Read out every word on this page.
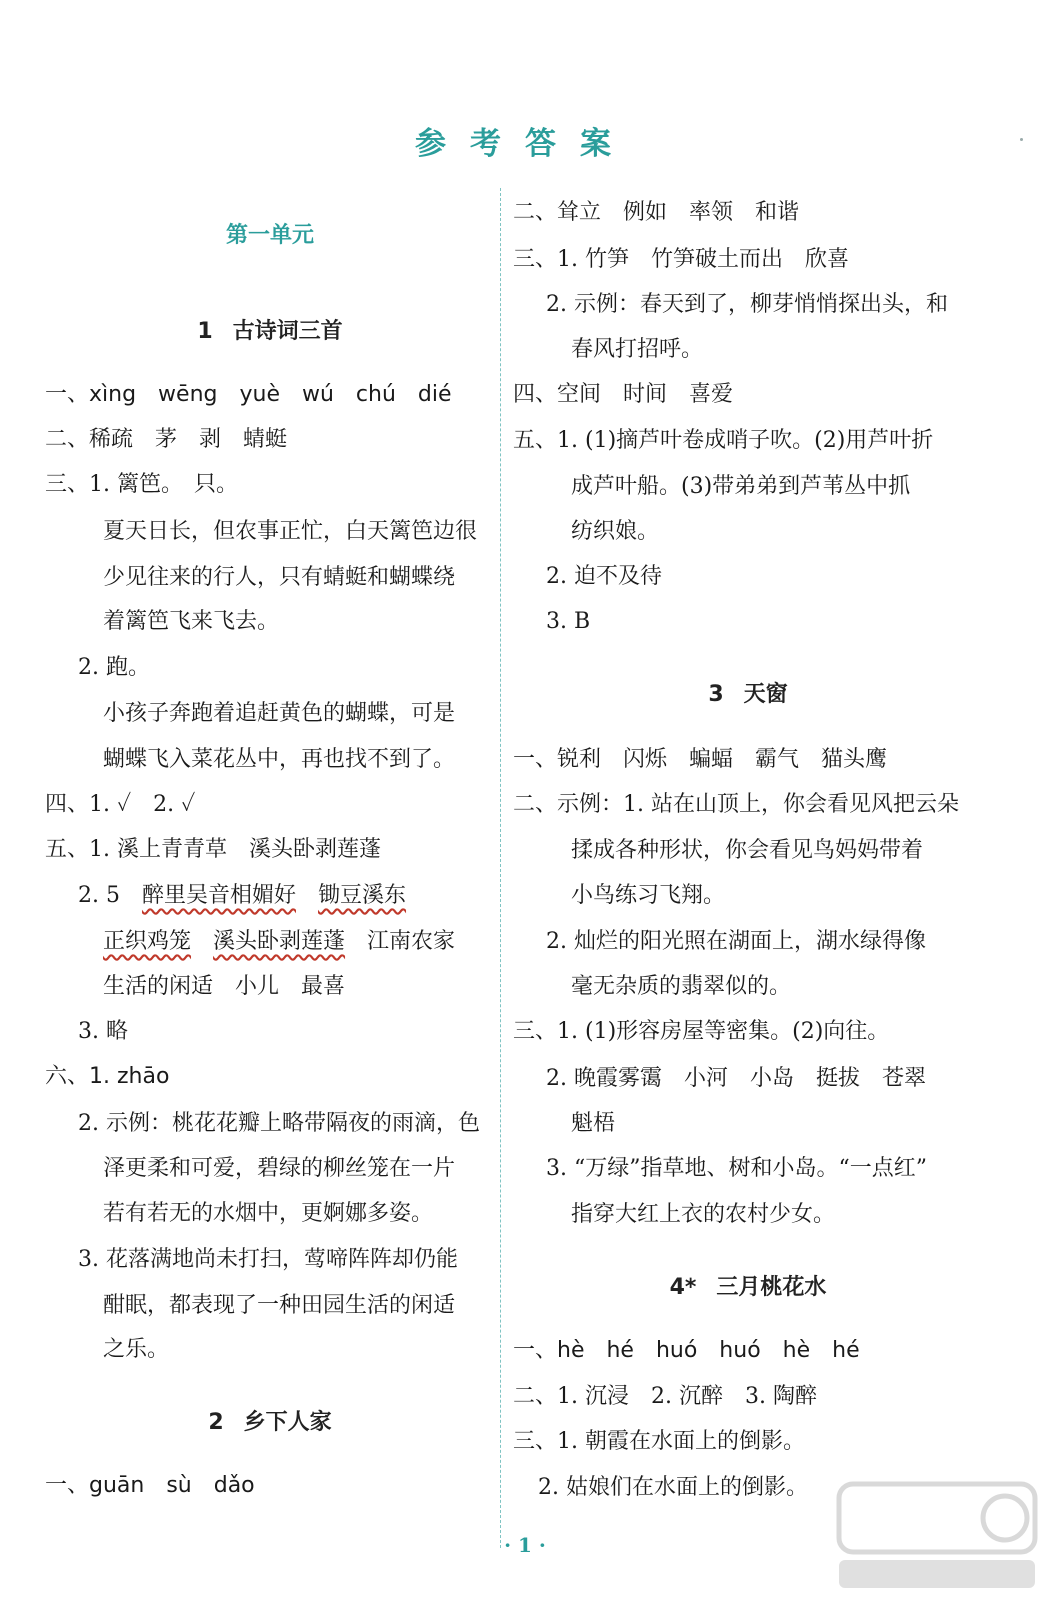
参考答案
第一单元
1 古诗词三首
一、xìng　wēng　yuè　wú　chú　dié
二、稀疏　茅　剥　蜻蜓
三、1. 篱笆。　只。
夏天日长，但农事正忙，白天篱笆边很
少见往来的行人，只有蜻蜓和蝴蝶绕
着篱笆飞来飞去。
2. 跑。
小孩子奔跑着追赶黄色的蝴蝶，可是
蝴蝶飞入菜花丛中，再也找不到了。
四、1. ✓　2. ✓
五、1. 溪上青青草　溪头卧剥莲蓬
2. 5　醉里吴音相媚好　 锄豆溪东
正织鸡笼　 溪头卧剥莲蓬　江南农家
生活的闲适　小儿　最喜
3. 略
六、1. zhāo
2. 示例：桃花花瓣上略带隔夜的雨滴，色
泽更柔和可爱，碧绿的柳丝笼在一片
若有若无的水烟中，更婀娜多姿。
3. 花落满地尚未打扫，莺啼阵阵却仍能
酣眠，都表现了一种田园生活的闲适
之乐。
2 乡下人家
一、guān　sù　dǎo
二、耸立　例如　率领　和谐
三、1. 竹笋　竹笋破土而出　欣喜
2. 示例：春天到了，柳芽悄悄探出头，和
春风打招呼。
四、空间　时间　喜爱
五、1. (1)摘芦叶卷成哨子吹。(2)用芦叶折
成芦叶船。(3)带弟弟到芦苇丛中抓
纺织娘。
2. 迫不及待
3. B
3 天窗
一、锐利　闪烁　蝙蝠　霸气　猫头鹰
二、示例：1. 站在山顶上，你会看见风把云朵
揉成各种形状，你会看见鸟妈妈带着
小鸟练习飞翔。
2. 灿烂的阳光照在湖面上，湖水绿得像
毫无杂质的翡翠似的。
三、1. (1)形容房屋等密集。(2)向往。
2. 晚霞雾霭　小河　小岛　挺拔　苍翠
魁梧
3. “万绿”指草地、树和小岛。“一点红”
指穿大红上衣的农村少女。
4* 三月桃花水
一、hè　hé　huó　huó　hè　hé
二、1. 沉浸　2. 沉醉　3. 陶醉
三、1. 朝霞在水面上的倒影。
2. 姑娘们在水面上的倒影。
· 1 ·
